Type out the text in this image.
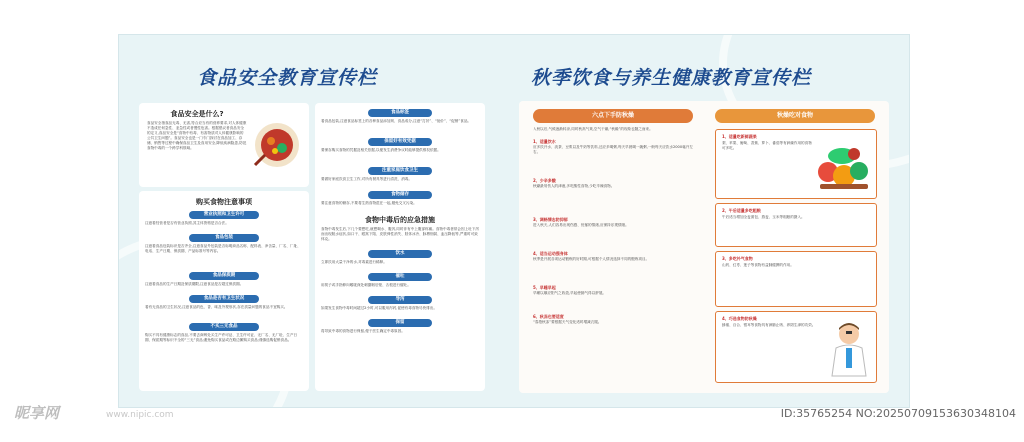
食品安全教育宣传栏	秋季饮食与养生健康教育宣传栏
食品安全是什么?
食品安全指食品无毒、无害,符合应当有的营养要求,对人体健康不造成任何急性、亚急性或者慢性危害。根据倡议者食品安全的定义,食品安全是“食物中有毒、有害物质对人体健康影响的公共卫生问题”。食品安全也是一门专门探讨在食品加工、存储、销售等过程中确保食品卫生及食用安全,降低疾病隐患,防范食物中毒的一个跨学科领域。
购买食物注意事项
营业执照和卫生许可
注意看经营者是否有营业执照,其主体资格是否合法。
食品包装
注意看食品包装标识是否齐全,注意食品外包装是否标明商品名称、配料表、净含量、厂名、厂址、电话、生产日期、保质期、产品标准号等内容。
食品保质期
注意看食品的生产日期及保质期限,注意食品是否超过保质期。
食品是否有卫生状况
看有无食品的卫生状况,注意食品的色、香、味及外观形状,存在质量问题的食品不宜购买。
不买三无食品
购买不具有健康标志的食品,不要去商贩处买生产许可证、卫生许可证、无厂名、无厂址、生产日期、保质期等标识不全的“三无”食品;避免购买食品或在路边摊购买食品;谨慎选购促销食品。
食品标签
看食品包装,注意食品标签上的各种食品添加剂、食品成分,注意“打折”、“低价”、“促销”食品。
保留好有效凭据
要保存购买食物的凭据及相关依据,以便发生消费争议时能够提供维权依据。
注重家庭饮食卫生
要做好家庭饮食卫生工作,对所有餐具等进行清洗、消毒。
食物储存
要注意食物的储存,不要将生熟食物混在一起,避免交叉污染。
食物中毒后的应急措施
食物中毒发生后,下几个要想吃,就想喝水、腹泻,同时伴有中上腹部疼痛。食物中毒者常会因上吐下泻而出现脱水症状,如口干、眼窝下陷、皮肤弹性消失、肢体冰冷、脉搏细弱、血压降低等,严重时可致休克。
饮水
立即饮用大量干净的水,对毒素进行稀释。
催吐
用筷子或手指伸向喉咙深处刺激咽后壁、舌根进行催吐。
导泻
如果发生食物中毒时间超过2小时,可以服用泻药,促使有毒食物尽快排出。
保留
将导致中毒的食物进行保留,便于医生确定中毒原因。
六点下手防秋燥
入秋以后,气候逐渐转凉,同时秋高气爽,空气干燥,“秋燥”的现象也随之而来。
1、适量饮水
应多饮开水、淡茶、豆浆以及牛奶等饮料,还应多喝粥,每天早晨喝一碗粥,一般每天应饮水2000毫升左右。
2、少辛多酸
秋燥最易伤人的津液,多吃酸性食物,少吃辛辣食物。
3、调畅情志防抑郁
进入秋天,人们容易出现伤感、忧郁的情绪,应保持乐观情绪。
4、适当运动强身体
秋季是开展各项运动锻炼的好时期,可根据个人情况选择不同的锻炼项目。
5、早睡早起
早睡以顺应阳气之收敛,早起使肺气得以舒展。
6、秋冻也要适度
“春捂秋冻”要根据天气变化适时增减衣服。
秋燥吃对食物
1、适量吃新鲜蔬果
梨、苹果、葡萄、香蕉、萝卜、番茄等有润燥作用的食物可多吃。
2、午后适量多吃粗粮
午后适当增加全麦面包、燕麦、玉米等粗粮的摄入。
3、多吃补气食物
山药、红枣、莲子等食物有益肺健脾的作用。
4、巧选食物防秋燥
蜂蜜、百合、银耳等食物具有润肺止咳、养阴生津的功效。
昵享网	www.nipic.com	ID:35765254 NO:20250709153630348104
